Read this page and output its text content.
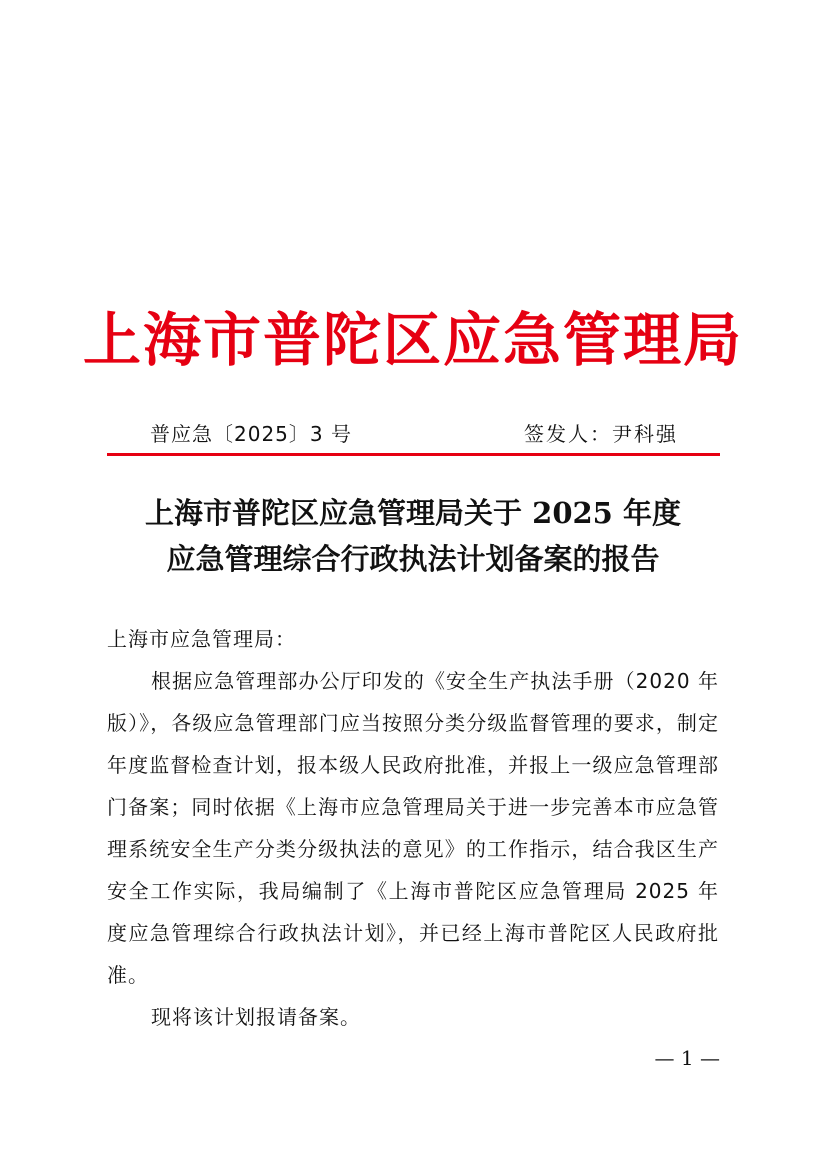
上海市普陀区应急管理局
普应急〔2025〕3 号	签发人：尹科强
上海市普陀区应急管理局关于 2025 年度
应急管理综合行政执法计划备案的报告

上海市应急管理局：

根据应急管理部办公厅印发的《安全生产执法手册（2020 年版）》，各级应急管理部门应当按照分类分级监督管理的要求，制定年度监督检查计划，报本级人民政府批准，并报上一级应急管理部门备案；同时依据《上海市应急管理局关于进一步完善本市应急管理系统安全生产分类分级执法的意见》的工作指示，结合我区生产安全工作实际，我局编制了《上海市普陀区应急管理局 2025 年度应急管理综合行政执法计划》，并已经上海市普陀区人民政府批准。

现将该计划报请备案。

— 1 —
